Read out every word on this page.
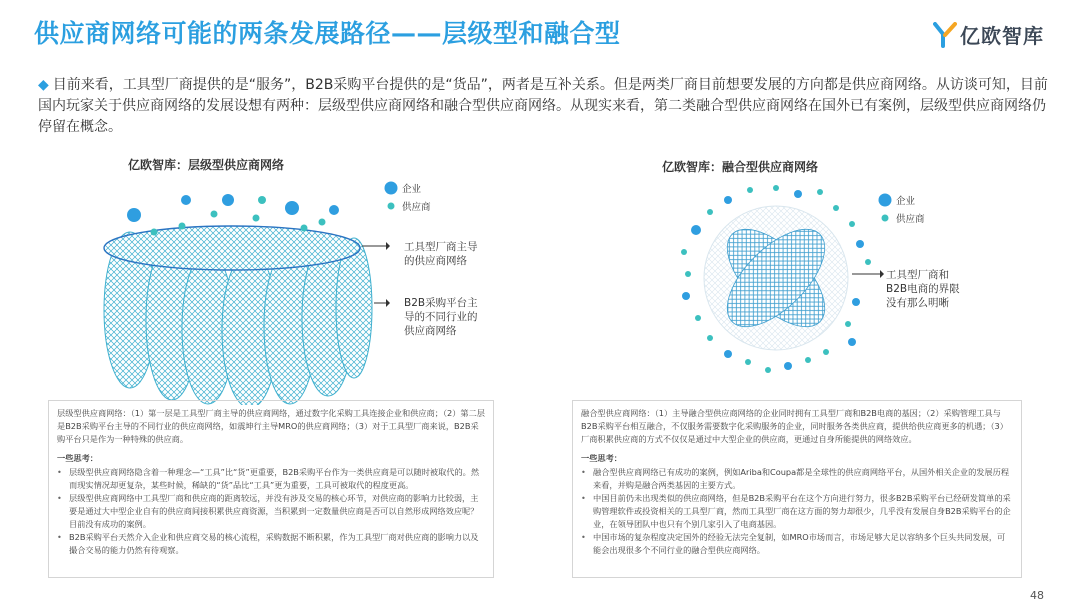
供应商网络可能的两条发展路径——层级型和融合型	亿欧智库
◆ 目前来看，工具型厂商提供的是“服务”，B2B采购平台提供的是“货品”，两者是互补关系。但是两类厂商目前想要发展的方向都是供应商网络。从访谈可知，目前国内玩家关于供应商网络的发展设想有两种：层级型供应商网络和融合型供应商网络。从现实来看，第二类融合型供应商网络在国外已有案例，层级型供应商网络仍停留在概念。
亿欧智库：层级型供应商网络
企业
供应商
工具型厂商主导
的供应商网络
B2B采购平台主
导的不同行业的
供应商网络
亿欧智库：融合型供应商网络
企业
供应商
工具型厂商和
B2B电商的界限
没有那么明晰
层级型供应商网络：（1）第一层是工具型厂商主导的供应商网络，通过数字化采购工具连接企业和供应商；（2）第二层是B2B采购平台主导的不同行业的供应商网络，如震坤行主导MRO的供应商网络；（3）对于工具型厂商来说，B2B采购平台只是作为一种特殊的供应商。
一些思考：
• 层级型供应商网络隐含着一种理念—“工具”比“货”更重要，B2B采购平台作为一类供应商是可以随时被取代的。然而现实情况却更复杂，某些时候，稀缺的“货”品比“工具”更为重要，工具可被取代的程度更高。
• 层级型供应商网络中工具型厂商和供应商的距离较远，并没有涉及交易的核心环节，对供应商的影响力比较弱，主要是通过大中型企业自有的供应商间接积累供应商资源，当积累到一定数量供应商是否可以自然形成网络效应呢？目前没有成功的案例。
• B2B采购平台天然介入企业和供应商交易的核心流程，采购数据不断积累，作为工具型厂商对供应商的影响力以及撮合交易的能力仍然有待观察。
融合型供应商网络：（1）主导融合型供应商网络的企业同时拥有工具型厂商和B2B电商的基因；（2）采购管理工具与B2B采购平台相互融合，不仅服务需要数字化采购服务的企业，同时服务各类供应商，提供给供应商更多的机遇；（3）厂商积累供应商的方式不仅仅是通过中大型企业的供应商，更通过自身所能提供的网络效应。
一些思考：
• 融合型供应商网络已有成功的案例，例如Ariba和Coupa都是全球性的供应商网络平台，从国外相关企业的发展历程来看，并购是融合两类基因的主要方式。
• 中国目前仍未出现类似的供应商网络，但是B2B采购平台在这个方向进行努力，很多B2B采购平台已经研发简单的采购管理软件或投资相关的工具型厂商，然而工具型厂商在这方面的努力却很少，几乎没有发展自身B2B采购平台的企业，在领导团队中也只有个别几家引入了电商基因。
• 中国市场的复杂程度决定国外的经验无法完全复制，如MRO市场而言，市场足够大足以容纳多个巨头共同发展，可能会出现很多个不同行业的融合型供应商网络。
48
